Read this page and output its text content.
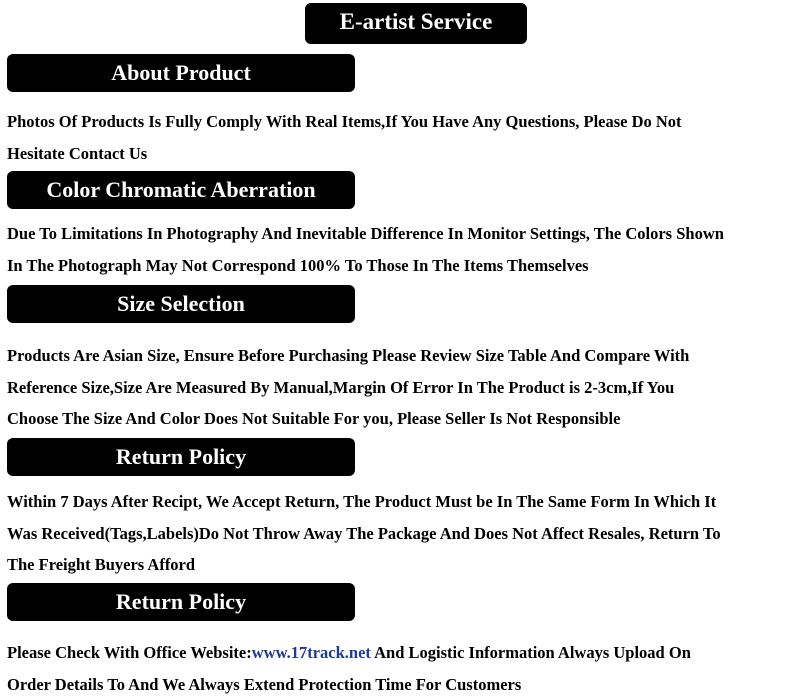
E-artist Service
About Product
Photos Of Products Is Fully Comply With Real Items,If You Have Any Questions, Please Do Not
Hesitate Contact Us
Color Chromatic Aberration
Due To Limitations In Photography And Inevitable Difference In Monitor Settings, The Colors Shown
In The Photograph May Not Correspond 100% To Those In The Items Themselves
Size Selection
Products Are Asian Size, Ensure Before Purchasing Please Review Size Table And Compare With
Reference Size,Size Are Measured By Manual,Margin Of Error In The Product is 2-3cm,If You
Choose The Size And Color Does Not Suitable For you, Please Seller Is Not Responsible
Return Policy
Within 7 Days After Recipt, We Accept Return, The Product Must be In The Same Form In Which It
Was Received(Tags,Labels)Do Not Throw Away The Package And Does Not Affect Resales, Return To
The Freight Buyers Afford
Return Policy
Please Check With Office Website:www.17track.net And Logistic Information Always Upload On
Order Details To And We Always Extend Protection Time For Customers
